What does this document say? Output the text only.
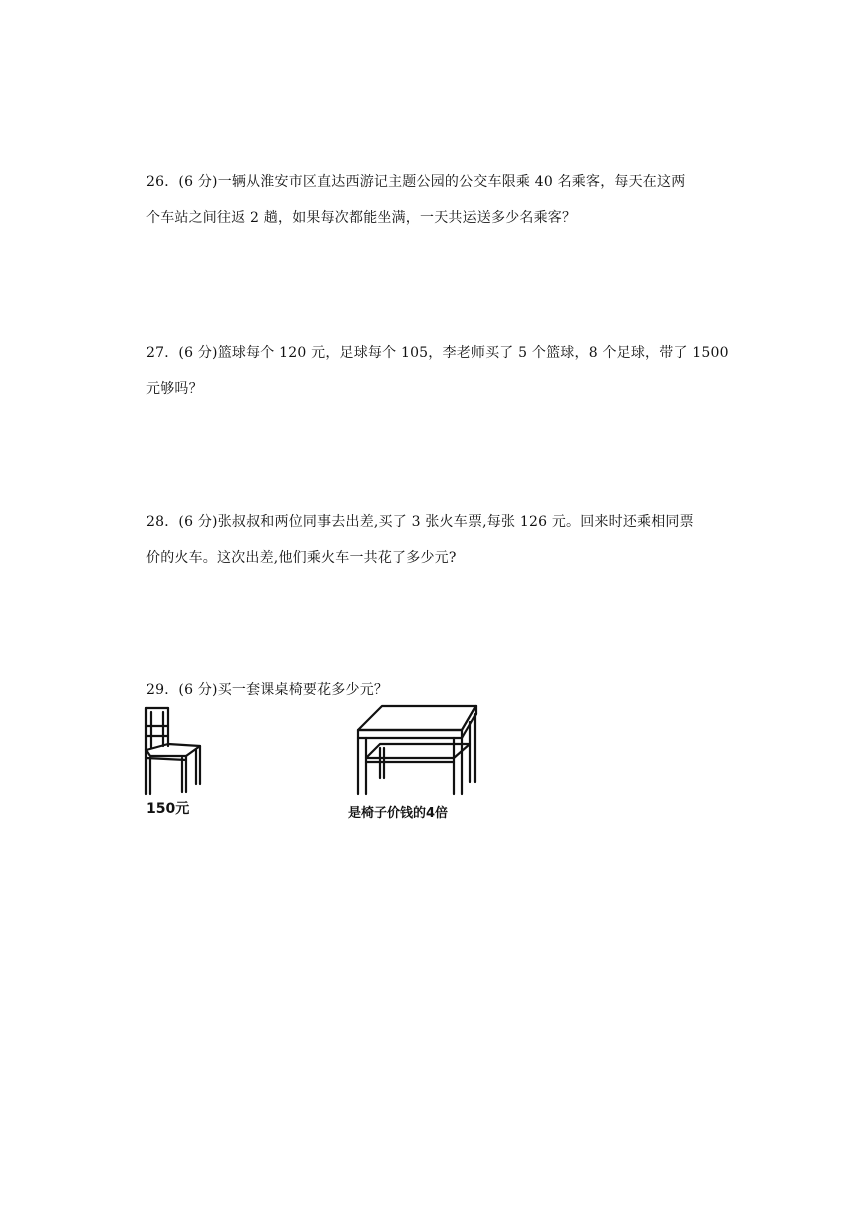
26．(6 分)一辆从淮安市区直达西游记主题公园的公交车限乘 40 名乘客，每天在这两
个车站之间往返 2 趟，如果每次都能坐满，一天共运送多少名乘客？
27．(6 分)篮球每个 120 元，足球每个 105，李老师买了 5 个篮球，8 个足球，带了 1500
元够吗？
28．(6 分)张叔叔和两位同事去出差,买了 3 张火车票,每张 126 元。回来时还乘相同票
价的火车。这次出差,他们乘火车一共花了多少元?
29．(6 分)买一套课桌椅要花多少元？
150元	是椅子价钱的4倍
